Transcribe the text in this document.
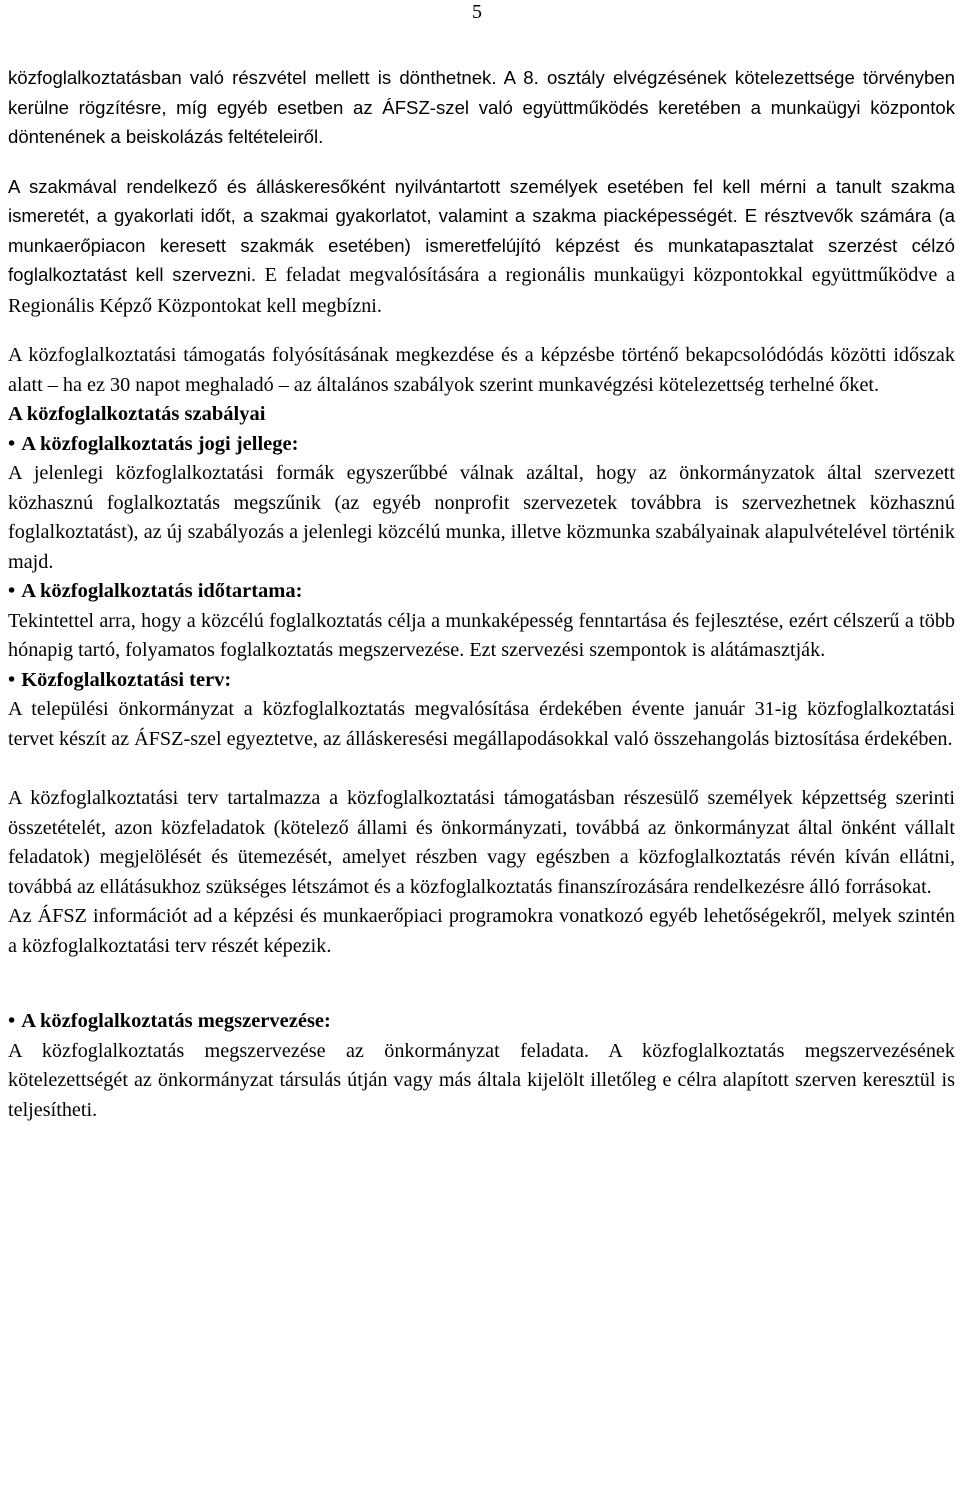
5

közfoglalkoztatásban való részvétel mellett is dönthetnek. A 8. osztály elvégzésének kötelezettsége törvényben kerülne rögzítésre, míg egyéb esetben az ÁFSZ-szel való együttműködés keretében a munkaügyi központok döntenének a beiskolázás feltételeiről.

A szakmával rendelkező és álláskeresőként nyilvántartott személyek esetében fel kell mérni a tanult szakma ismeretét, a gyakorlati időt, a szakmai gyakorlatot, valamint a szakma piacképességét. E résztvevők számára (a munkaerőpiacon keresett szakmák esetében) ismeretfelújító képzést és munkatapasztalat szerzést célzó foglalkoztatást kell szervezni. E feladat megvalósítására a regionális munkaügyi központokkal együttműködve a Regionális Képző Központokat kell megbízni.

A közfoglalkoztatási támogatás folyósításának megkezdése és a képzésbe történő bekapcsolódódás közötti időszak alatt – ha ez 30 napot meghaladó – az általános szabályok szerint munkavégzési kötelezettség terhelné őket.

A közfoglalkoztatás szabályai

• A közfoglalkoztatás jogi jellege:

A jelenlegi közfoglalkoztatási formák egyszerűbbé válnak azáltal, hogy az önkormányzatok által szervezett közhasznú foglalkoztatás megszűnik (az egyéb nonprofit szervezetek továbbra is szervezhetnek közhasznú foglalkoztatást), az új szabályozás a jelenlegi közcélú munka, illetve közmunka szabályainak alapulvételével történik majd.

• A közfoglalkoztatás időtartama:

Tekintettel arra, hogy a közcélú foglalkoztatás célja a munkaképesség fenntartása és fejlesztése, ezért célszerű a több hónapig tartó, folyamatos foglalkoztatás megszervezése. Ezt szervezési szempontok is alátámasztják.

• Közfoglalkoztatási terv:

A települési önkormányzat a közfoglalkoztatás megvalósítása érdekében évente január 31-ig közfoglalkoztatási tervet készít az ÁFSZ-szel egyeztetve, az álláskeresési megállapodásokkal való összehangolás biztosítása érdekében.

A közfoglalkoztatási terv tartalmazza a közfoglalkoztatási támogatásban részesülő személyek képzettség szerinti összetételét, azon közfeladatok (kötelező állami és önkormányzati, továbbá az önkormányzat által önként vállalt feladatok) megjelölését és ütemezését, amelyet részben vagy egészben a közfoglalkoztatás révén kíván ellátni, továbbá az ellátásukhoz szükséges létszámot és a közfoglalkoztatás finanszírozására rendelkezésre álló forrásokat.

Az ÁFSZ információt ad a képzési és munkaerőpiaci programokra vonatkozó egyéb lehetőségekről, melyek szintén a közfoglalkoztatási terv részét képezik.

• A közfoglalkoztatás megszervezése:

A közfoglalkoztatás megszervezése az önkormányzat feladata. A közfoglalkoztatás megszervezésének kötelezettségét az önkormányzat társulás útján vagy más általa kijelölt illetőleg e célra alapított szerven keresztül is teljesítheti.
